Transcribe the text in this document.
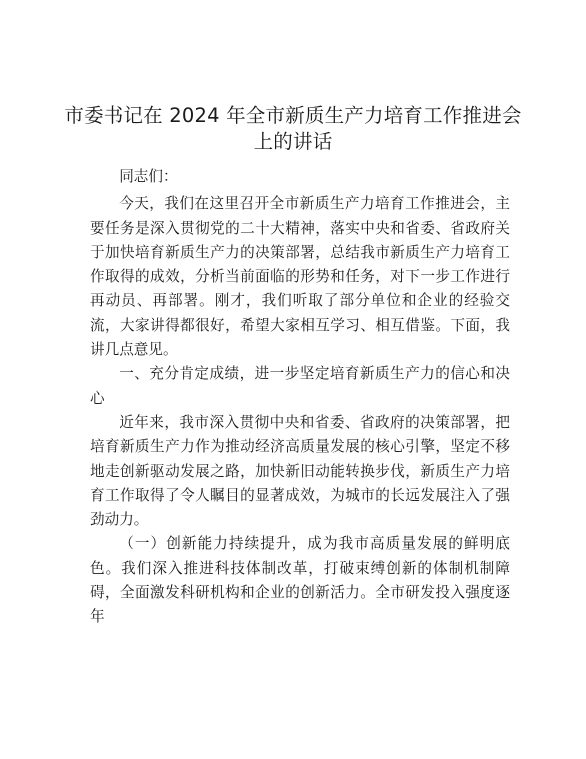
市委书记在 2024 年全市新质生产力培育工作推进会上的讲话

同志们：

今天，我们在这里召开全市新质生产力培育工作推进会，主要任务是深入贯彻党的二十大精神，落实中央和省委、省政府关于加快培育新质生产力的决策部署，总结我市新质生产力培育工作取得的成效，分析当前面临的形势和任务，对下一步工作进行再动员、再部署。刚才，我们听取了部分单位和企业的经验交流，大家讲得都很好，希望大家相互学习、相互借鉴。下面，我讲几点意见。

一、充分肯定成绩，进一步坚定培育新质生产力的信心和决心

近年来，我市深入贯彻中央和省委、省政府的决策部署，把培育新质生产力作为推动经济高质量发展的核心引擎，坚定不移地走创新驱动发展之路，加快新旧动能转换步伐，新质生产力培育工作取得了令人瞩目的显著成效，为城市的长远发展注入了强劲动力。

（一）创新能力持续提升，成为我市高质量发展的鲜明底色。我们深入推进科技体制改革，打破束缚创新的体制机制障碍，全面激发科研机构和企业的创新活力。全市研发投入强度逐年
